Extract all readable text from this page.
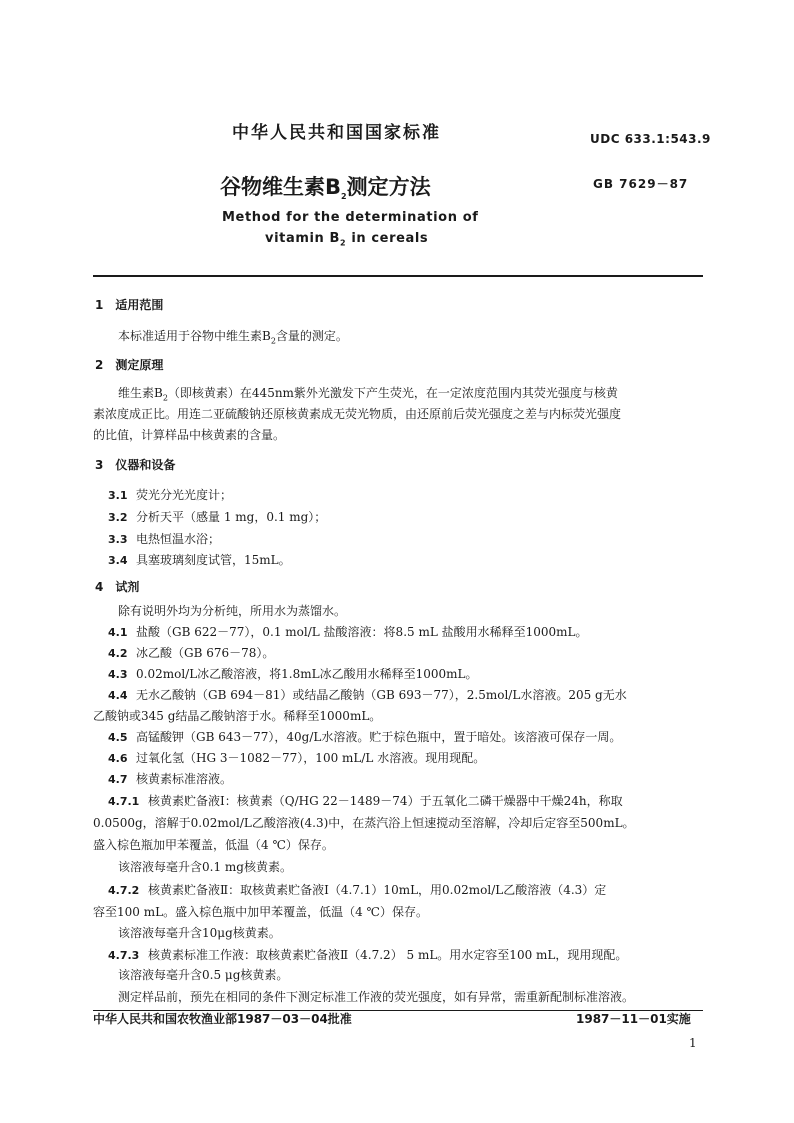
中华人民共和国国家标准	UDC 633.1:543.9
谷物维生素$B_2$测定方法	GB 7629－87
Method for the determination of
vitamin $B_2$ in cereals
1　适用范围
本标准适用于谷物中维生素$B_2$含量的测定。
2　测定原理
维生素$B_2$（即核黄素）在445nm紫外光激发下产生荧光，在一定浓度范围内其荧光强度与核黄
素浓度成正比。用连二亚硫酸钠还原核黄素成无荧光物质，由还原前后荧光强度之差与内标荧光强度
的比值，计算样品中核黄素的含量。
3　仪器和设备
3.1 荧光分光光度计；
3.2 分析天平（感量 1 mg，0.1 mg）；
3.3 电热恒温水浴；
3.4 具塞玻璃刻度试管，15mL。
4　试剂
除有说明外均为分析纯，所用水为蒸馏水。
4.1 盐酸（GB 622－77），0.1 mol/L 盐酸溶液：将8.5 mL 盐酸用水稀释至1000mL。
4.2 冰乙酸（GB 676－78）。
4.3 0.02mol/L冰乙酸溶液，将1.8mL冰乙酸用水稀释至1000mL。
4.4 无水乙酸钠（GB 694－81）或结晶乙酸钠（GB 693－77），2.5mol/L水溶液。205 g无水
乙酸钠或345 g结晶乙酸钠溶于水。稀释至1000mL。
4.5 高锰酸钾（GB 643－77），40g/L水溶液。贮于棕色瓶中，置于暗处。该溶液可保存一周。
4.6 过氧化氢（HG 3－1082－77），100 mL/L 水溶液。现用现配。
4.7 核黄素标准溶液。
4.7.1 核黄素贮备液Ⅰ：核黄素（Q/HG 22－1489－74）于五氧化二磷干燥器中干燥24h，称取
0.0500g，溶解于0.02mol/L乙酸溶液(4.3)中，在蒸汽浴上恒速搅动至溶解，冷却后定容至500mL。
盛入棕色瓶加甲苯覆盖，低温（4 ℃）保存。
该溶液每毫升含0.1 mg核黄素。
4.7.2 核黄素贮备液Ⅱ：取核黄素贮备液Ⅰ（4.7.1）10mL，用0.02mol/L乙酸溶液（4.3）定
容至100 mL。盛入棕色瓶中加甲苯覆盖，低温（4 ℃）保存。
该溶液每毫升含10μg核黄素。
4.7.3 核黄素标准工作液：取核黄素贮备液Ⅱ（4.7.2） 5 mL。用水定容至100 mL，现用现配。
中华人民共和国农牧渔业部1987－03－04批准	1987－11－01实施
1
该溶液每毫升含0.5 μg核黄素。
测定样品前，预先在相同的条件下测定标准工作液的荧光强度，如有异常，需重新配制标准溶液。
